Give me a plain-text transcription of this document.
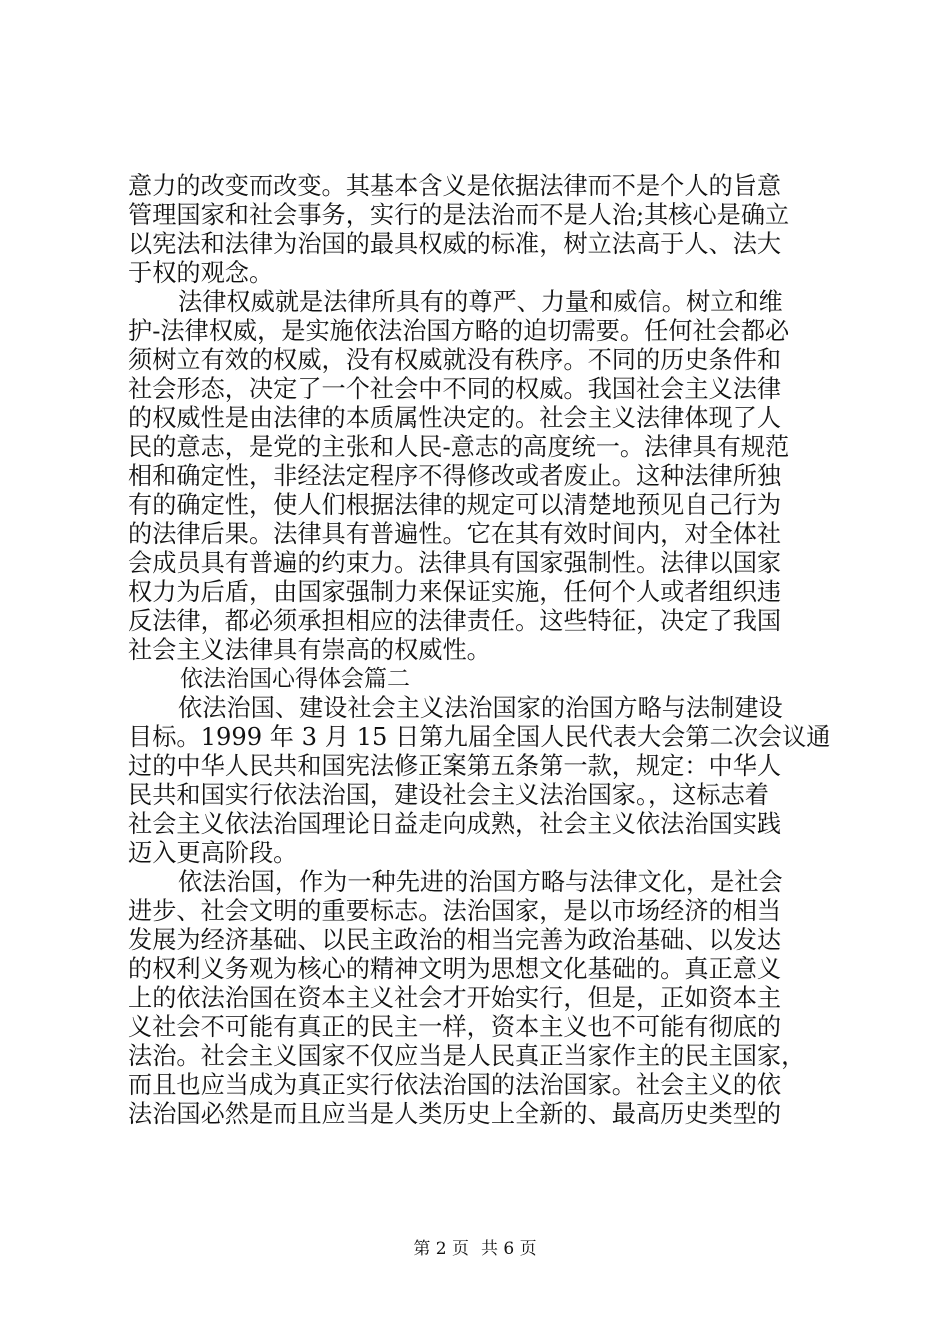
意力的改变而改变。其基本含义是依据法律而不是个人的旨意

管理国家和社会事务，实行的是法治而不是人治;其核心是确立

以宪法和法律为治国的最具权威的标准，树立法高于人、法大

于权的观念。

法律权威就是法律所具有的尊严、力量和威信。树立和维

护-法律权威，是实施依法治国方略的迫切需要。任何社会都必

须树立有效的权威，没有权威就没有秩序。不同的历史条件和

社会形态，决定了一个社会中不同的权威。我国社会主义法律

的权威性是由法律的本质属性决定的。社会主义法律体现了人

民的意志，是党的主张和人民-意志的高度统一。法律具有规范

相和确定性，非经法定程序不得修改或者废止。这种法律所独

有的确定性，使人们根据法律的规定可以清楚地预见自己行为

的法律后果。法律具有普遍性。它在其有效时间内，对全体社

会成员具有普遍的约束力。法律具有国家强制性。法律以国家

权力为后盾，由国家强制力来保证实施，任何个人或者组织违

反法律，都必须承担相应的法律责任。这些特征，决定了我国

社会主义法律具有崇高的权威性。

依法治国心得体会篇二

依法治国、建设社会主义法治国家的治国方略与法制建设

目标。1999 年 3 月 15 日第九届全国人民代表大会第二次会议通

过的中华人民共和国宪法修正案第五条第一款，规定：中华人

民共和国实行依法治国，建设社会主义法治国家。，这标志着

社会主义依法治国理论日益走向成熟，社会主义依法治国实践

迈入更高阶段。

依法治国，作为一种先进的治国方略与法律文化，是社会

进步、社会文明的重要标志。法治国家，是以市场经济的相当

发展为经济基础、以民主政治的相当完善为政治基础、以发达

的权利义务观为核心的精神文明为思想文化基础的。真正意义

上的依法治国在资本主义社会才开始实行，但是，正如资本主

义社会不可能有真正的民主一样，资本主义也不可能有彻底的

法治。社会主义国家不仅应当是人民真正当家作主的民主国家，

而且也应当成为真正实行依法治国的法治国家。社会主义的依

法治国必然是而且应当是人类历史上全新的、最高历史类型的

第 2 页 共 6 页
